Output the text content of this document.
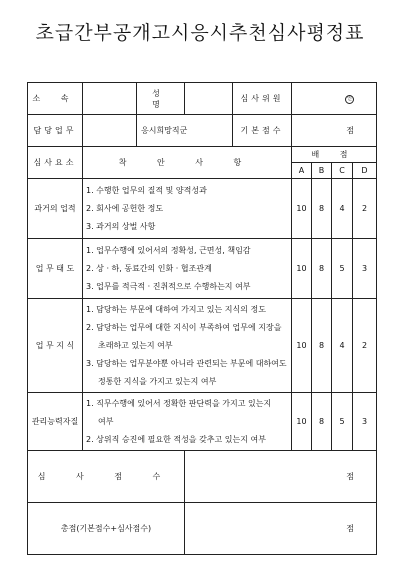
초급간부공개고시응시추천심사평정표
소 속		성 명		심사위원	인			
담당업무		응시희망직군		기본점수	점			
심사요소	착 안 사 항				배 점			
					A	B	C	D
과거의 업적	1. 수행한 업무의 질적 및 양적성과

2. 회사에 공헌한 정도

3. 과거의 상벌 사항				10	8	4	2
업 무 태 도	1. 업무수행에 있어서의 정확성, 근면성, 책임감

2. 상 · 하, 동료간의 인화 · 협조관계

3. 업무를 적극적 · 진취적으로 수행하는지 여부				10	8	5	3
업 무 지 식	1. 담당하는 부문에 대하여 가지고 있는 지식의 정도

2. 담당하는 업무에 대한 지식이 부족하여 업무에 지장을

초래하고 있는지 여부

3. 담당하는 업무분야뿐 아니라 관련되는 부문에 대하여도

정통한 지식을 가지고 있는지 여부				10	8	4	2
관리능력자질	1. 직무수행에 있어서 정확한 판단력을 가지고 있는지

여부

2. 상위직 승진에 필요한 적성을 갖추고 있는지 여부				10	8	5	3
심 사 점 수			점					
총점(기본점수+심사점수)			점					
